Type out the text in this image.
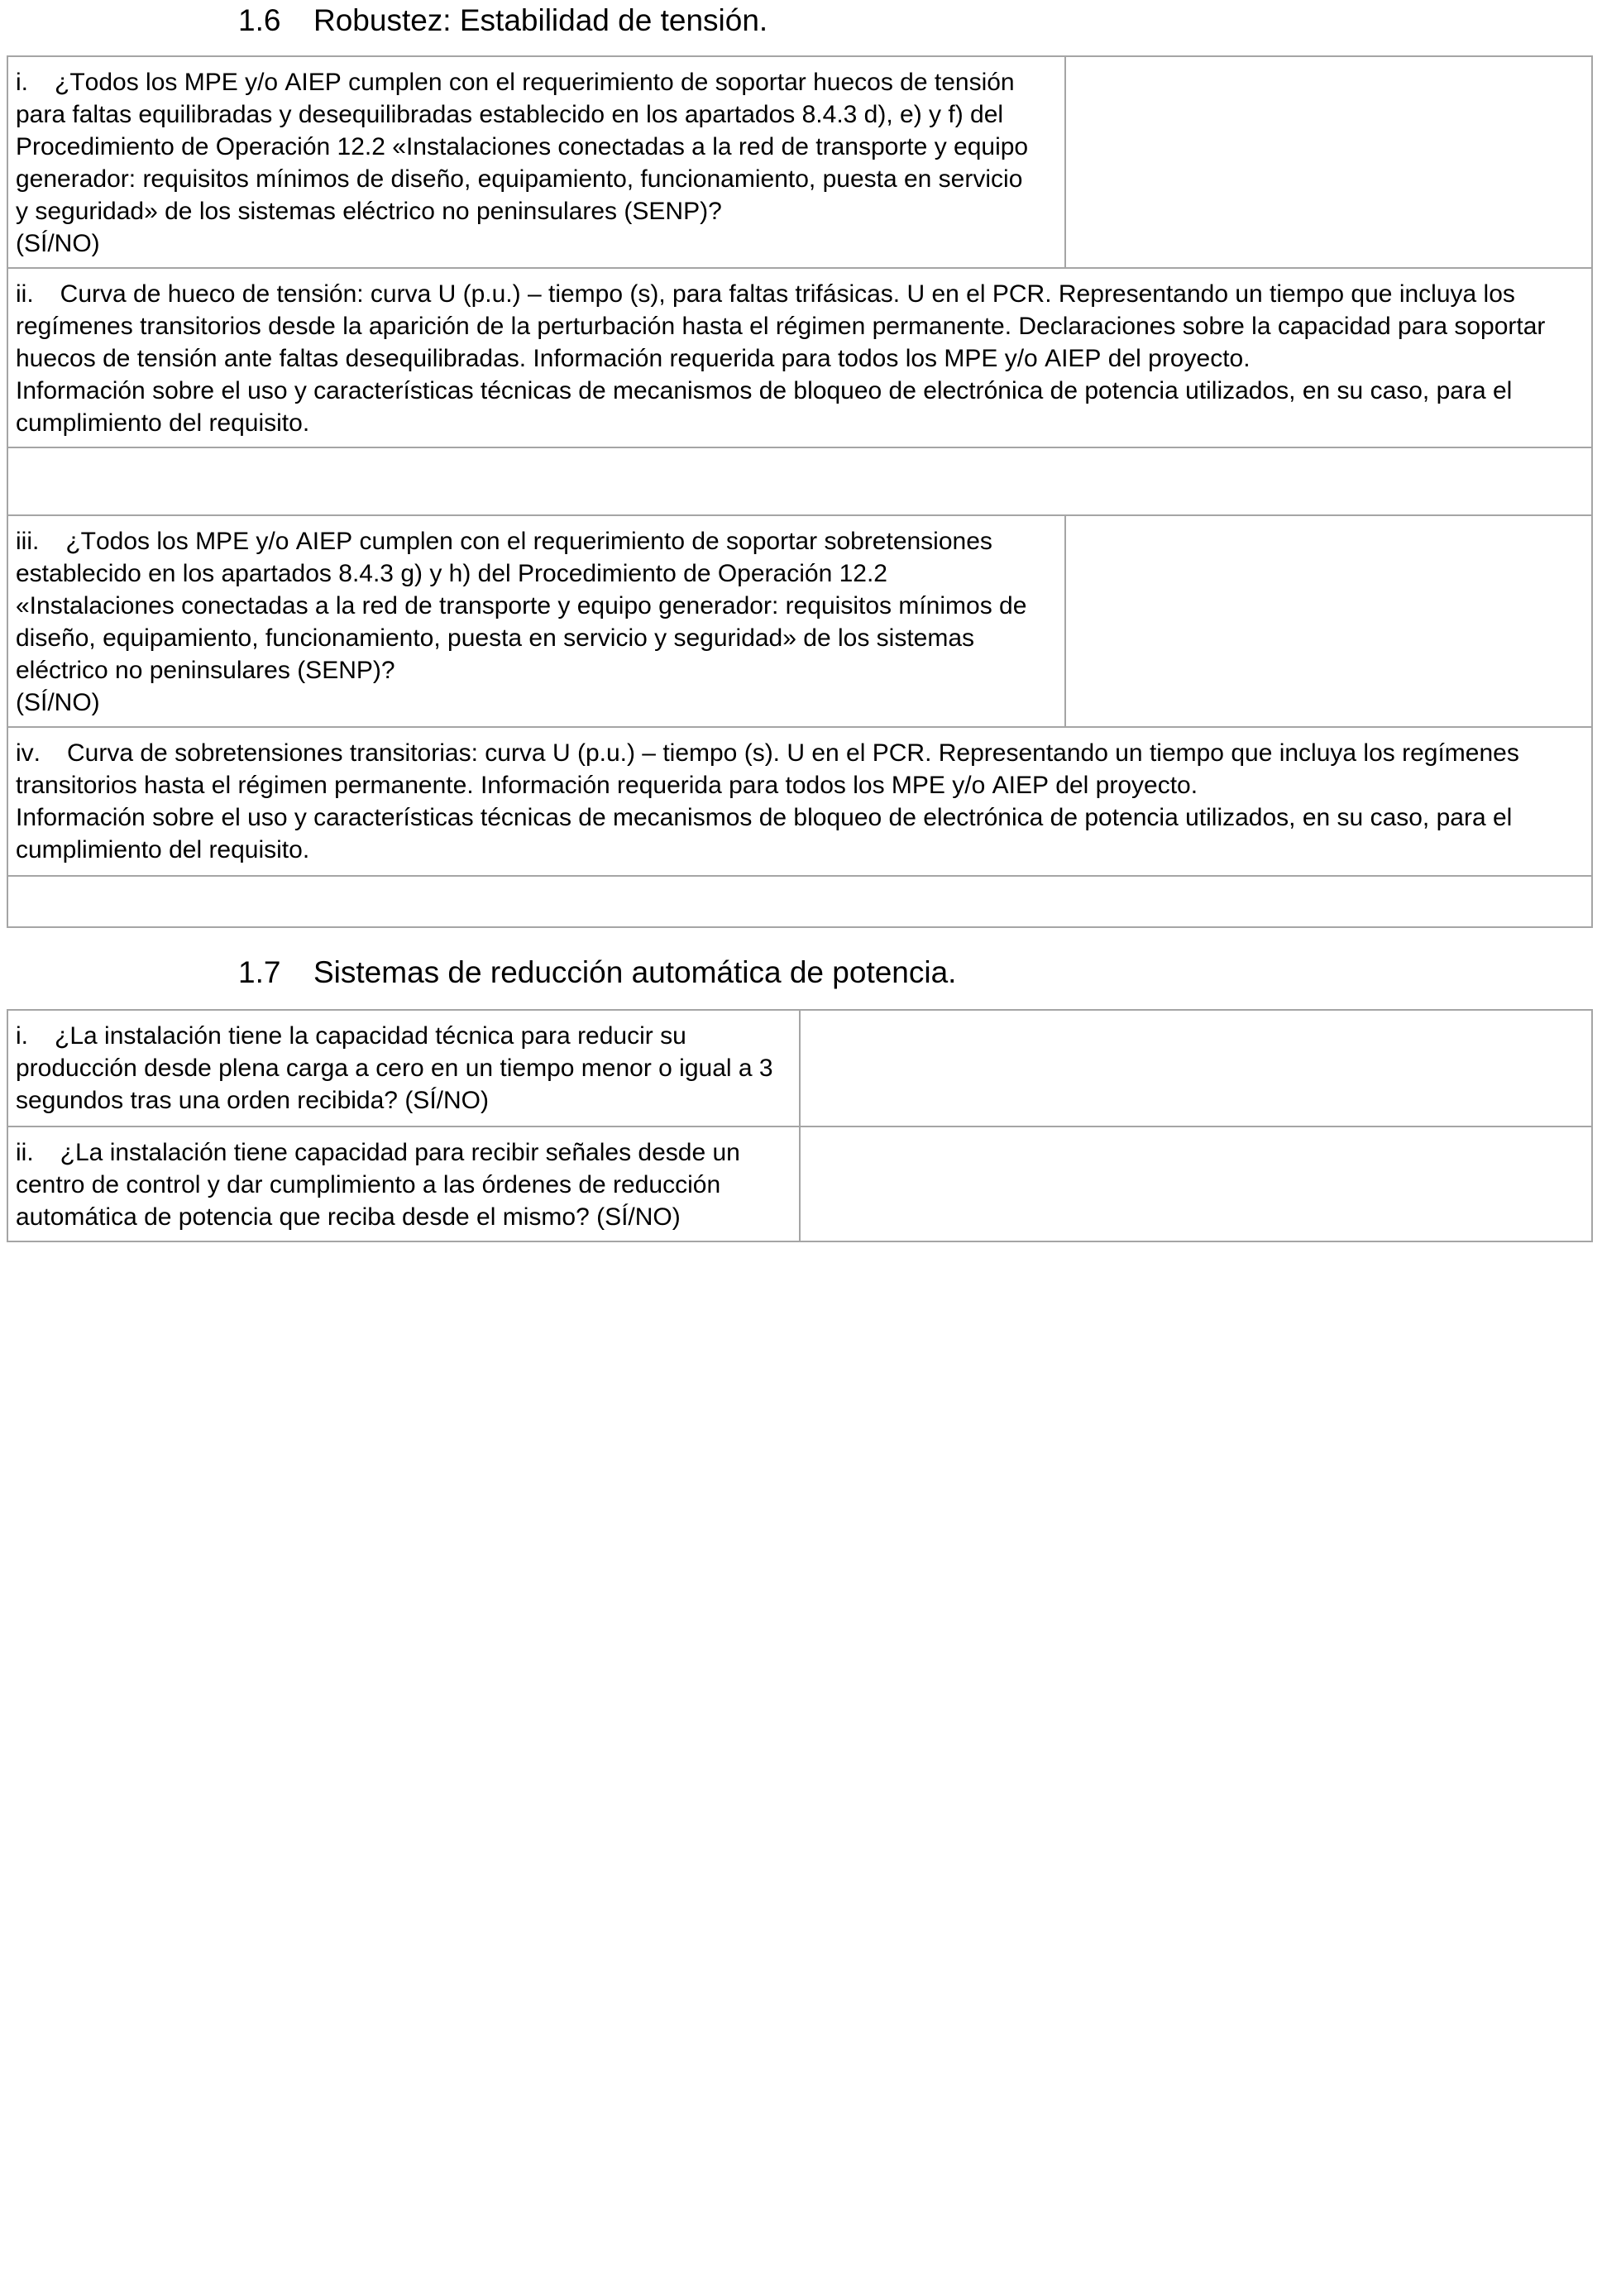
1.6 Robustez: Estabilidad de tensión.
i. ¿Todos los MPE y/o AIEP cumplen con el requerimiento de soportar huecos de tensión para faltas equilibradas y desequilibradas establecido en los apartados 8.4.3 d), e) y f) del Procedimiento de Operación 12.2 «Instalaciones conectadas a la red de transporte y equipo generador: requisitos mínimos de diseño, equipamiento, funcionamiento, puesta en servicio y seguridad» de los sistemas eléctrico no peninsulares (SENP)?
(SÍ/NO)
ii. Curva de hueco de tensión: curva U (p.u.) – tiempo (s), para faltas trifásicas. U en el PCR. Representando un tiempo que incluya los regímenes transitorios desde la aparición de la perturbación hasta el régimen permanente. Declaraciones sobre la capacidad para soportar huecos de tensión ante faltas desequilibradas. Información requerida para todos los MPE y/o AIEP del proyecto.
Información sobre el uso y características técnicas de mecanismos de bloqueo de electrónica de potencia utilizados, en su caso, para el cumplimiento del requisito.
iii. ¿Todos los MPE y/o AIEP cumplen con el requerimiento de soportar sobretensiones establecido en los apartados 8.4.3 g) y h) del Procedimiento de Operación 12.2 «Instalaciones conectadas a la red de transporte y equipo generador: requisitos mínimos de diseño, equipamiento, funcionamiento, puesta en servicio y seguridad» de los sistemas eléctrico no peninsulares (SENP)?
(SÍ/NO)
iv. Curva de sobretensiones transitorias: curva U (p.u.) – tiempo (s). U en el PCR. Representando un tiempo que incluya los regímenes transitorios hasta el régimen permanente. Información requerida para todos los MPE y/o AIEP del proyecto.
Información sobre el uso y características técnicas de mecanismos de bloqueo de electrónica de potencia utilizados, en su caso, para el cumplimiento del requisito.
1.7 Sistemas de reducción automática de potencia.
i. ¿La instalación tiene la capacidad técnica para reducir su producción desde plena carga a cero en un tiempo menor o igual a 3 segundos tras una orden recibida? (SÍ/NO)
ii. ¿La instalación tiene capacidad para recibir señales desde un centro de control y dar cumplimiento a las órdenes de reducción automática de potencia que reciba desde el mismo? (SÍ/NO)
